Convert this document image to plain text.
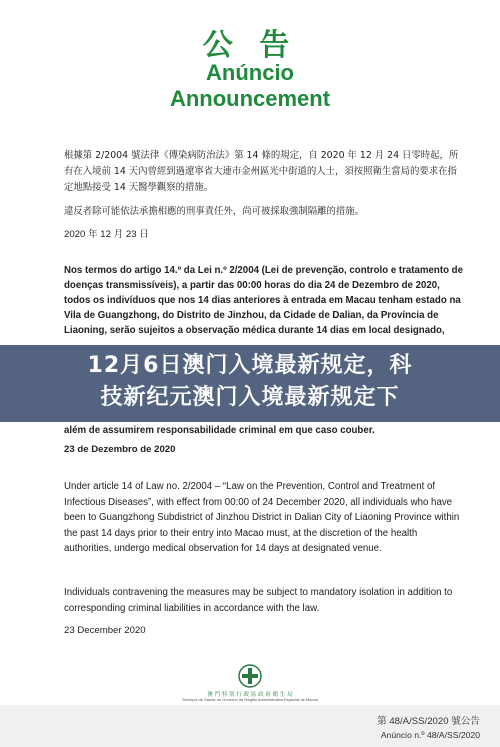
公 告
Anúncio
Announcement
根據第 2/2004 號法律《傳染病防治法》第 14 條的規定，自 2020 年 12 月 24 日零時起，所有在入境前 14 天內曾經到過遼寧省大連市金州區光中街道的人士，須按照衛生當局的要求在指定地點接受 14 天醫學觀察的措施。
違反者除可能依法承擔相應的刑事責任外，尚可被採取強制隔離的措施。
2020 年 12 月 23 日
Nos termos do artigo 14.º da Lei n.º 2/2004 (Lei de prevenção, controlo e tratamento de doenças transmissíveis), a partir das 00:00 horas do dia 24 de Dezembro de 2020, todos os indivíduos que nos 14 dias anteriores à entrada em Macau tenham estado na Vila de Guangzhong, do Distrito de Jinzhou, da Cidade de Dalian, da Província de Liaoning, serão sujeitos a observação médica durante 14 dias em local designado,
além de assumirem responsabilidade criminal em que caso couber.
23 de Dezembro de 2020
12月6日澳门入境最新规定，科
技新纪元澳门入境最新规定下
Under article 14 of Law no. 2/2004 – “Law on the Prevention, Control and Treatment of Infectious Diseases”, with effect from 00:00 of 24 December 2020, all individuals who have been to Guangzhong Subdistrict of Jinzhou District in Dalian City of Liaoning Province within the past 14 days prior to their entry into Macao must, at the discretion of the health authorities, undergo medical observation for 14 days at designated venue.
Individuals contravening the measures may be subject to mandatory isolation in addition to corresponding criminal liabilities in accordance with the law.
23 December 2020
澳 門 特 別 行 政 區 政 府 衛 生 局
Serviços de Saúde do Governo da Região Administrativa Especial de Macau
第 48/A/SS/2020 號公告
Anúncio n.º 48/A/SS/2020
